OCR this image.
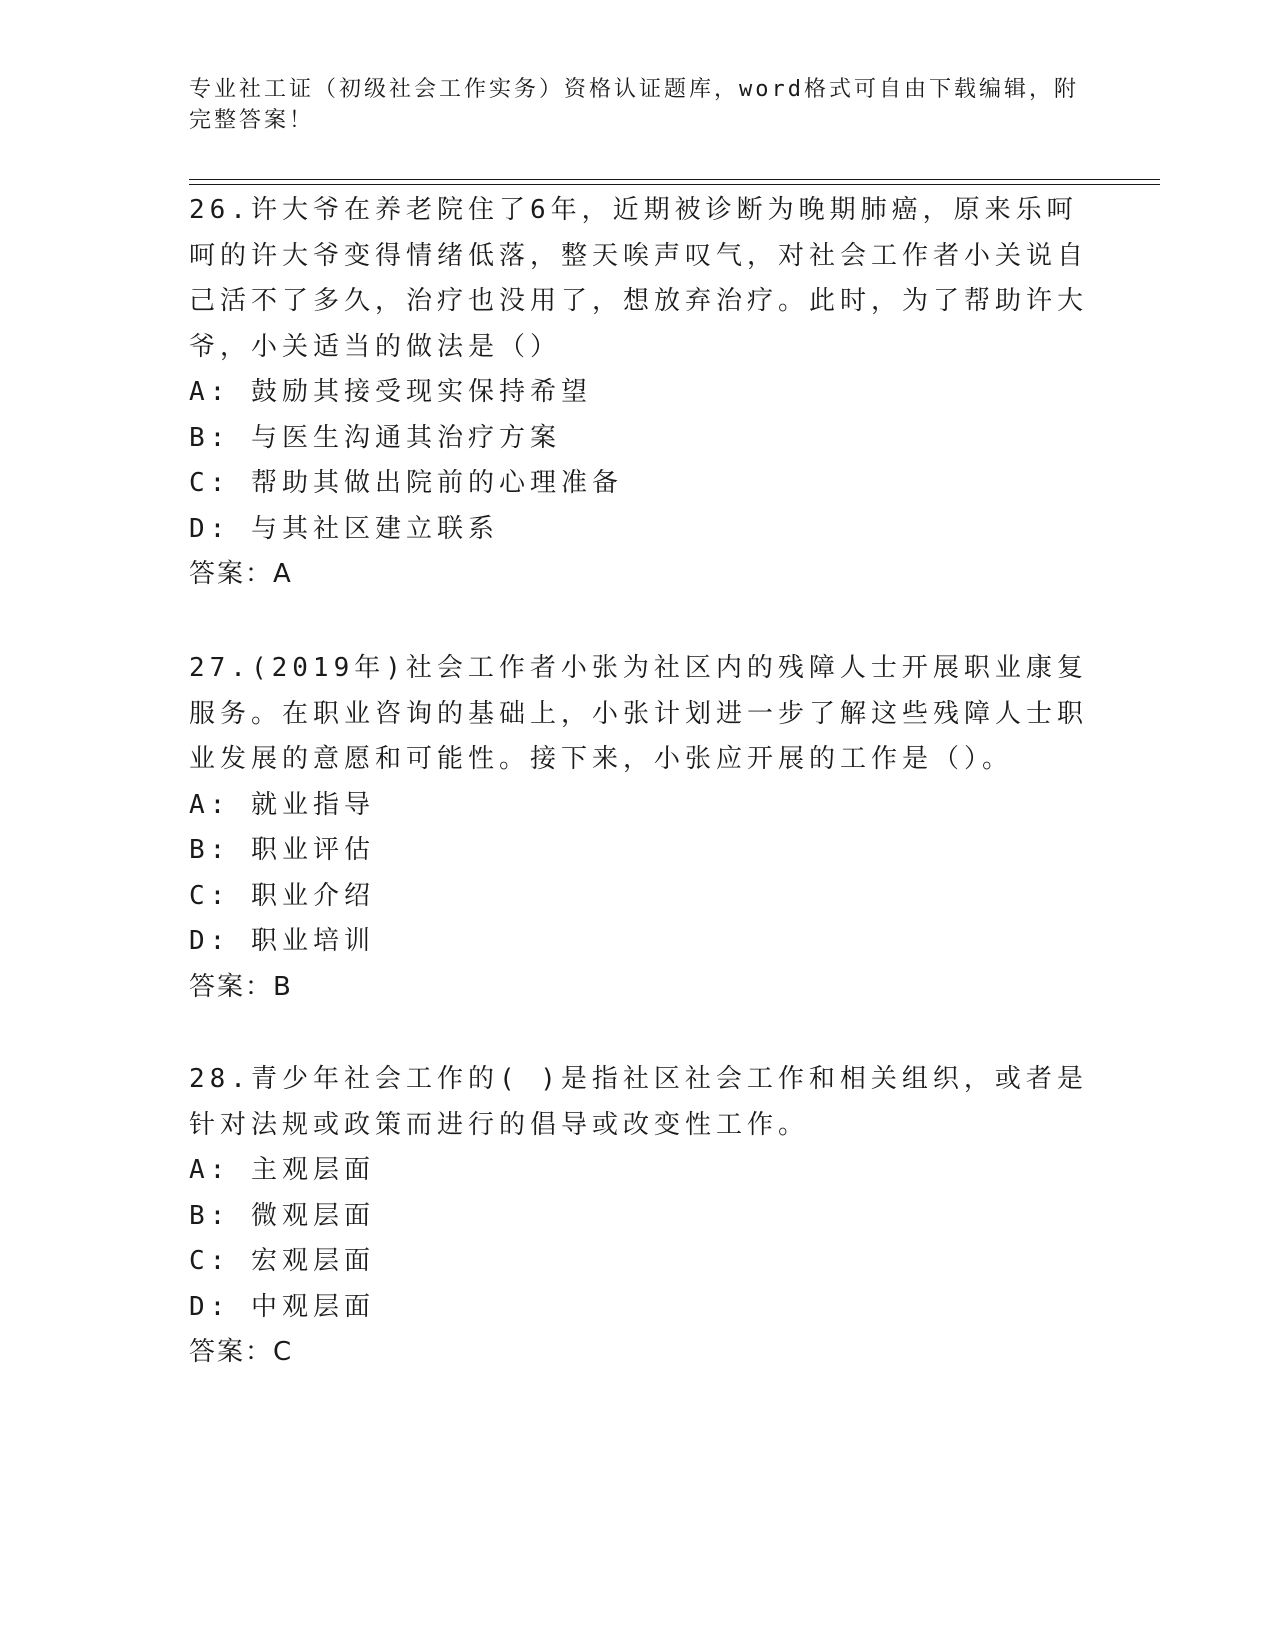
专业社工证（初级社会工作实务）资格认证题库，word格式可自由下载编辑，附完整答案！

26.许大爷在养老院住了6年，近期被诊断为晚期肺癌，原来乐呵呵的许大爷变得情绪低落，整天唉声叹气，对社会工作者小关说自己活不了多久，治疗也没用了，想放弃治疗。此时，为了帮助许大爷，小关适当的做法是（）

A: 鼓励其接受现实保持希望

B: 与医生沟通其治疗方案

C: 帮助其做出院前的心理准备

D: 与其社区建立联系

答案：A

27.(2019年)社会工作者小张为社区内的残障人士开展职业康复服务。在职业咨询的基础上，小张计划进一步了解这些残障人士职业发展的意愿和可能性。接下来，小张应开展的工作是（）。

A: 就业指导

B: 职业评估

C: 职业介绍

D: 职业培训

答案：B

28.青少年社会工作的( )是指社区社会工作和相关组织，或者是针对法规或政策而进行的倡导或改变性工作。

A: 主观层面

B: 微观层面

C: 宏观层面

D: 中观层面

答案：C
